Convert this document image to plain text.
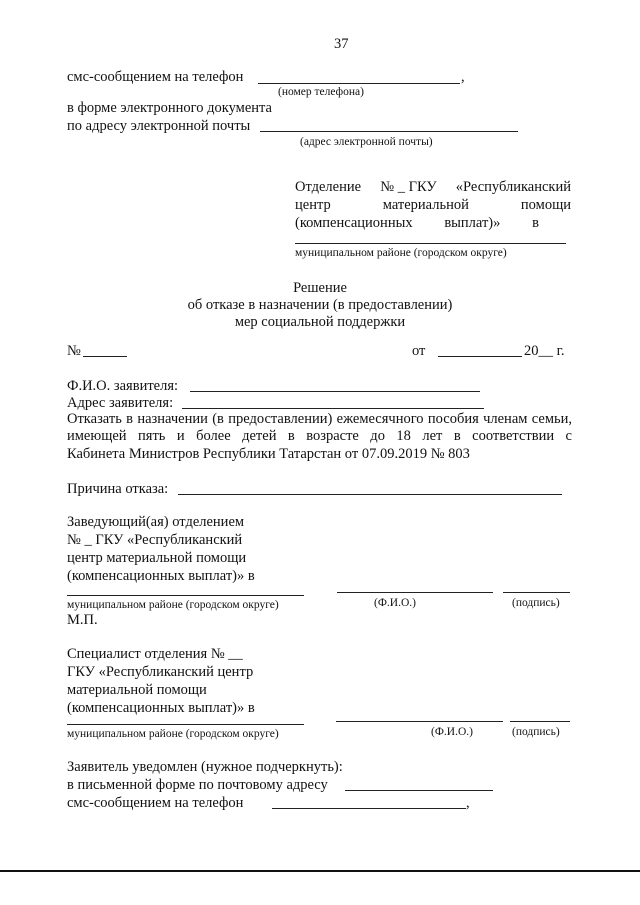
37
смс-сообщением на телефон	,
(номер телефона)
в форме электронного документа
по адресу электронной почты
(адрес электронной почты)
Отделение № _ ГКУ «Республиканский
центр	материальной	помощи
(компенсационных выплат)» в
муниципальном районе (городском округе)
Решение
об отказе в назначении (в предоставлении)
мер социальной поддержки
№	от	20__ г.
Ф.И.О. заявителя:
Адрес заявителя:
Отказать в назначении (в предоставлении) ежемесячного пособия членам семьи,
имеющей пять и более детей в возрасте до 18 лет в соответствии с
Кабинета Министров Республики Татарстан от 07.09.2019 № 803
Причина отказа:
Заведующий(ая) отделением
№ _ ГКУ «Республиканский
центр материальной помощи
(компенсационных выплат)» в
муниципальном районе (городском округе)	(Ф.И.О.)	(подпись)
М.П.
Специалист отделения № __
ГКУ «Республиканский центр
материальной помощи
(компенсационных выплат)» в
муниципальном районе (городском округе)	(Ф.И.О.)	(подпись)
Заявитель уведомлен (нужное подчеркнуть):
в письменной форме по почтовому адресу
смс-сообщением на телефон	,
